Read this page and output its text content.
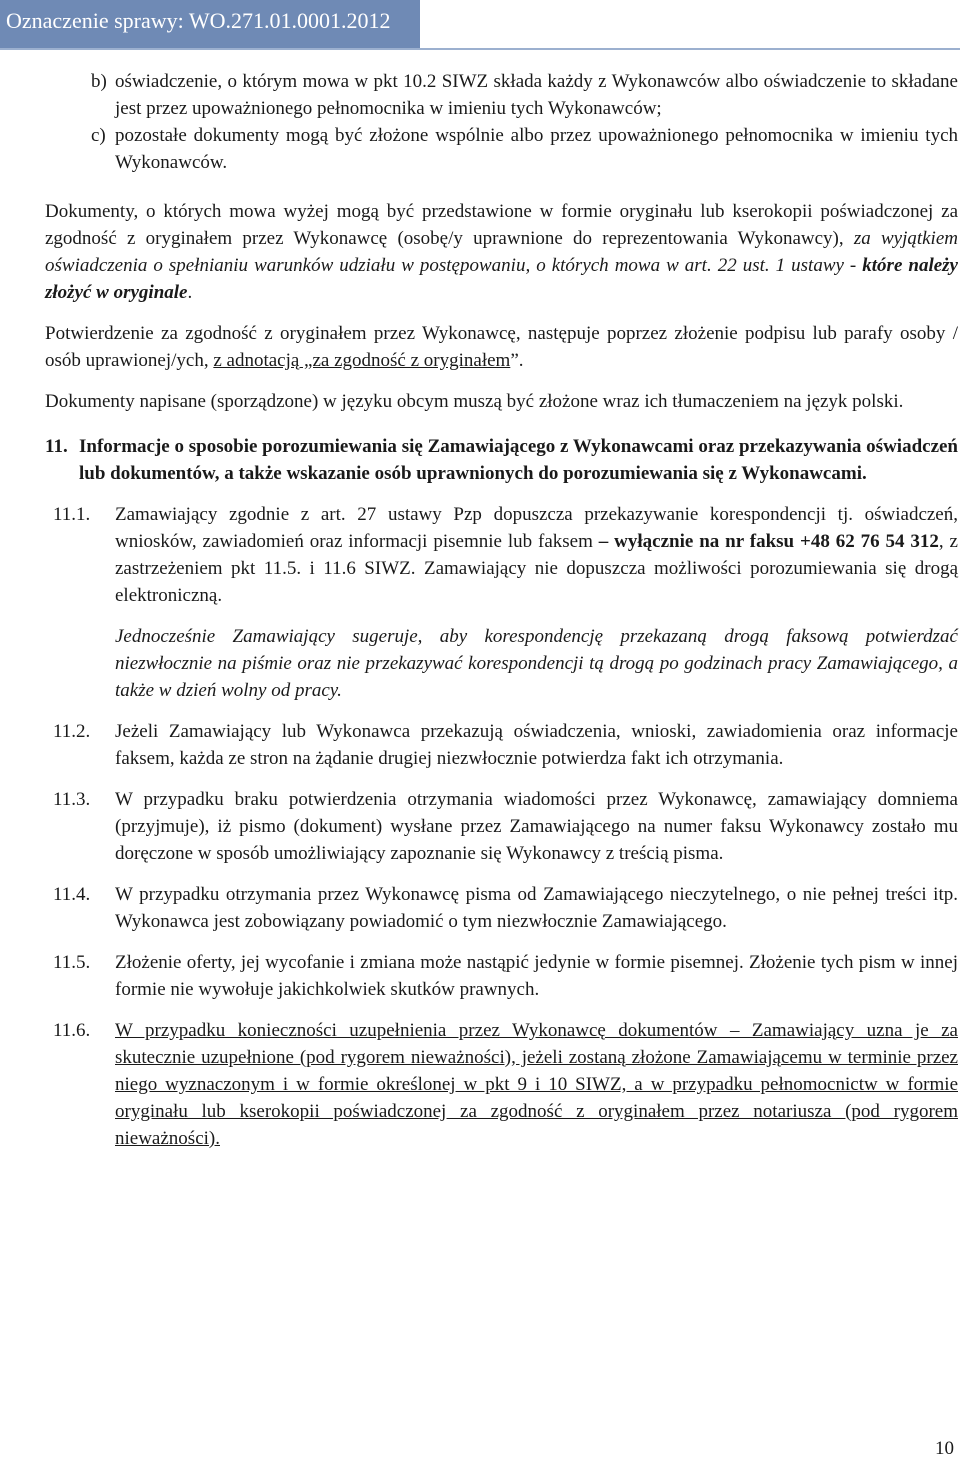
Oznaczenie sprawy: WO.271.01.0001.2012
b) oświadczenie, o którym mowa w pkt 10.2 SIWZ składa każdy z Wykonawców albo oświadczenie to składane jest przez upoważnionego pełnomocnika w imieniu tych Wykonawców;
c) pozostałe dokumenty mogą być złożone wspólnie albo przez upoważnionego pełnomocnika w imieniu tych Wykonawców.

Dokumenty, o których mowa wyżej mogą być przedstawione w formie oryginału lub kserokopii poświadczonej za zgodność z oryginałem przez Wykonawcę (osobę/y uprawnione do reprezentowania Wykonawcy), za wyjątkiem oświadczenia o spełnianiu warunków udziału w postępowaniu, o których mowa w art. 22 ust. 1 ustawy - które należy złożyć w oryginale.

Potwierdzenie za zgodność z oryginałem przez Wykonawcę, następuje poprzez złożenie podpisu lub parafy osoby / osób uprawionej/ych, z adnotacją „za zgodność z oryginałem”.

Dokumenty napisane (sporządzone) w języku obcym muszą być złożone wraz ich tłumaczeniem na język polski.

11. Informacje o sposobie porozumiewania się Zamawiającego z Wykonawcami oraz przekazywania oświadczeń lub dokumentów, a także wskazanie osób uprawnionych do porozumiewania się z Wykonawcami.
11.1.	Zamawiający zgodnie z art. 27 ustawy Pzp dopuszcza przekazywanie korespondencji tj. oświadczeń, wniosków, zawiadomień oraz informacji pisemnie lub faksem – wyłącznie na nr faksu +48 62 76 54 312, z zastrzeżeniem pkt 11.5. i 11.6 SIWZ. Zamawiający nie dopuszcza możliwości porozumiewania się drogą elektroniczną.

Jednocześnie Zamawiający sugeruje, aby korespondencję przekazaną drogą faksową potwierdzać niezwłocznie na piśmie oraz nie przekazywać korespondencji tą drogą po godzinach pracy Zamawiającego, a także w dzień wolny od pracy.

11.2.	Jeżeli Zamawiający lub Wykonawca przekazują oświadczenia, wnioski, zawiadomienia oraz informacje faksem, każda ze stron na żądanie drugiej niezwłocznie potwierdza fakt ich otrzymania.
11.3.	W przypadku braku potwierdzenia otrzymania wiadomości przez Wykonawcę, zamawiający domniema (przyjmuje), iż pismo (dokument) wysłane przez Zamawiającego na numer faksu Wykonawcy zostało mu doręczone w sposób umożliwiający zapoznanie się Wykonawcy z treścią pisma.
11.4.	W przypadku otrzymania przez Wykonawcę pisma od Zamawiającego nieczytelnego, o nie pełnej treści itp. Wykonawca jest zobowiązany powiadomić o tym niezwłocznie Zamawiającego.
11.5.	Złożenie oferty, jej wycofanie i zmiana może nastąpić jedynie w formie pisemnej. Złożenie tych pism w innej formie nie wywołuje jakichkolwiek skutków prawnych.
11.6.	W przypadku konieczności uzupełnienia przez Wykonawcę dokumentów – Zamawiający uzna je za skutecznie uzupełnione (pod rygorem nieważności), jeżeli zostaną złożone Zamawiającemu w terminie przez niego wyznaczonym i w formie określonej w pkt 9 i 10 SIWZ, a w przypadku pełnomocnictw w formie oryginału lub kserokopii poświadczonej za zgodność z oryginałem przez notariusza (pod rygorem nieważności).
10
